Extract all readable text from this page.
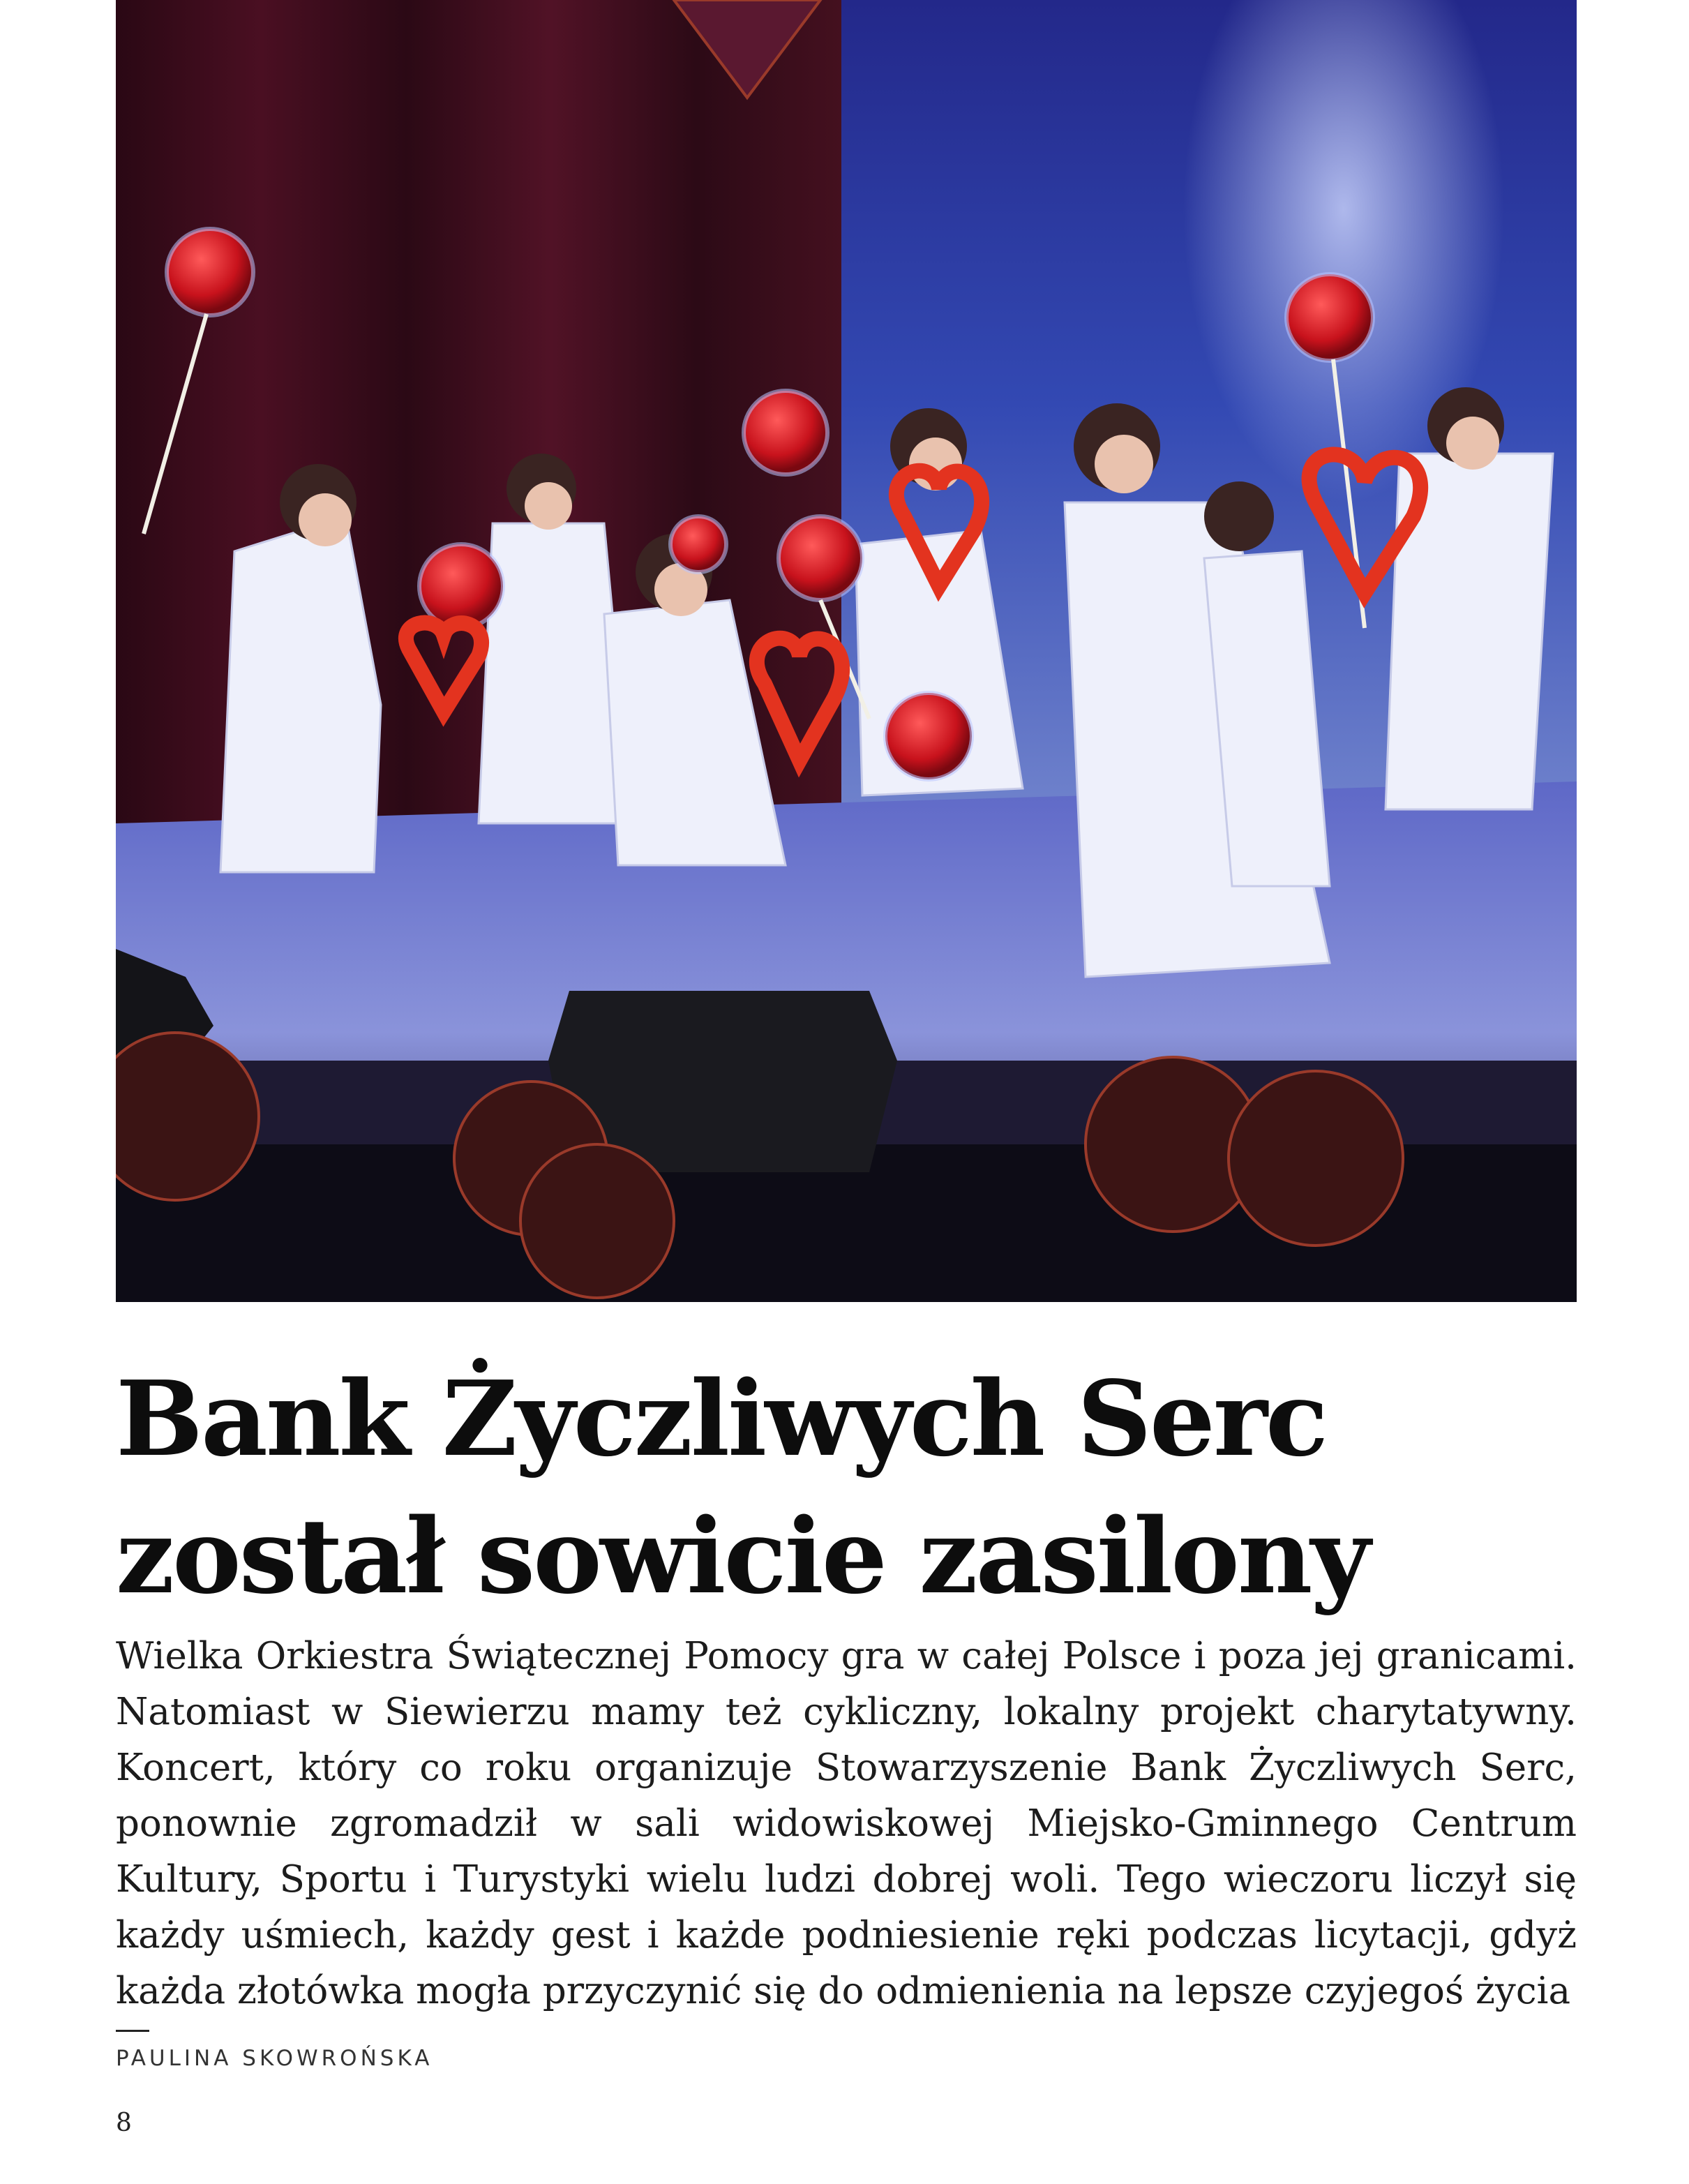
Bank Życzliwych Serc
został sowicie zasilony

Wielka Orkiestra Świątecznej Pomocy gra w całej Polsce i poza jej granicami. Natomiast w Siewierzu mamy też cykliczny, lokalny projekt charytatywny. Koncert, który co roku organizuje Stowarzyszenie Bank Życzliwych Serc, ponownie zgromadził w sali widowiskowej Miejsko-Gminnego Centrum Kultury, Sportu i Turystyki wielu ludzi dobrej woli. Tego wieczoru liczył się każdy uśmiech, każdy gest i każde podniesienie ręki podczas licytacji, gdyż każda złotówka mogła przyczynić się do odmienienia na lepsze czyjegoś życia

PAULINA SKOWROŃSKA
8
